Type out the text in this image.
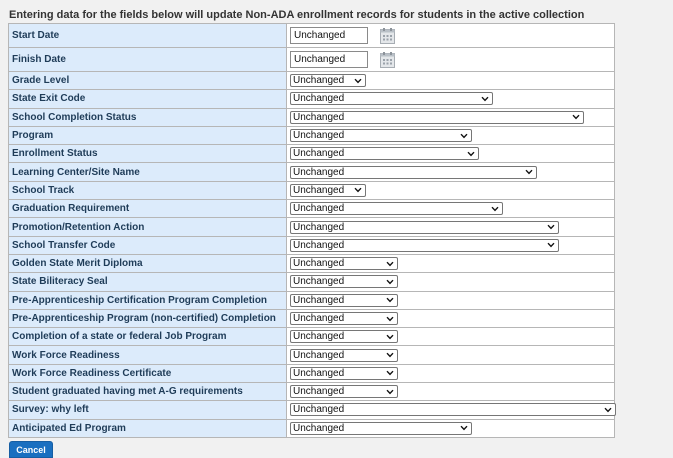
Entering data for the fields below will update Non-ADA enrollment records for students in the active collection
Start Date	Unchanged

Finish Date	Unchanged

Grade Level	Unchanged

State Exit Code	Unchanged

School Completion Status	Unchanged

Program	Unchanged

Enrollment Status	Unchanged

Learning Center/Site Name	Unchanged

School Track	Unchanged

Graduation Requirement	Unchanged

Promotion/Retention Action	Unchanged

School Transfer Code	Unchanged

Golden State Merit Diploma	Unchanged

State Biliteracy Seal	Unchanged

Pre-Apprenticeship Certification Program Completion	Unchanged

Pre-Apprenticeship Program (non-certified) Completion	Unchanged

Completion of a state or federal Job Program	Unchanged

Work Force Readiness	Unchanged

Work Force Readiness Certificate	Unchanged

Student graduated having met A-G requirements	Unchanged

Survey: why left	Unchanged

Anticipated Ed Program	Unchanged
Cancel
